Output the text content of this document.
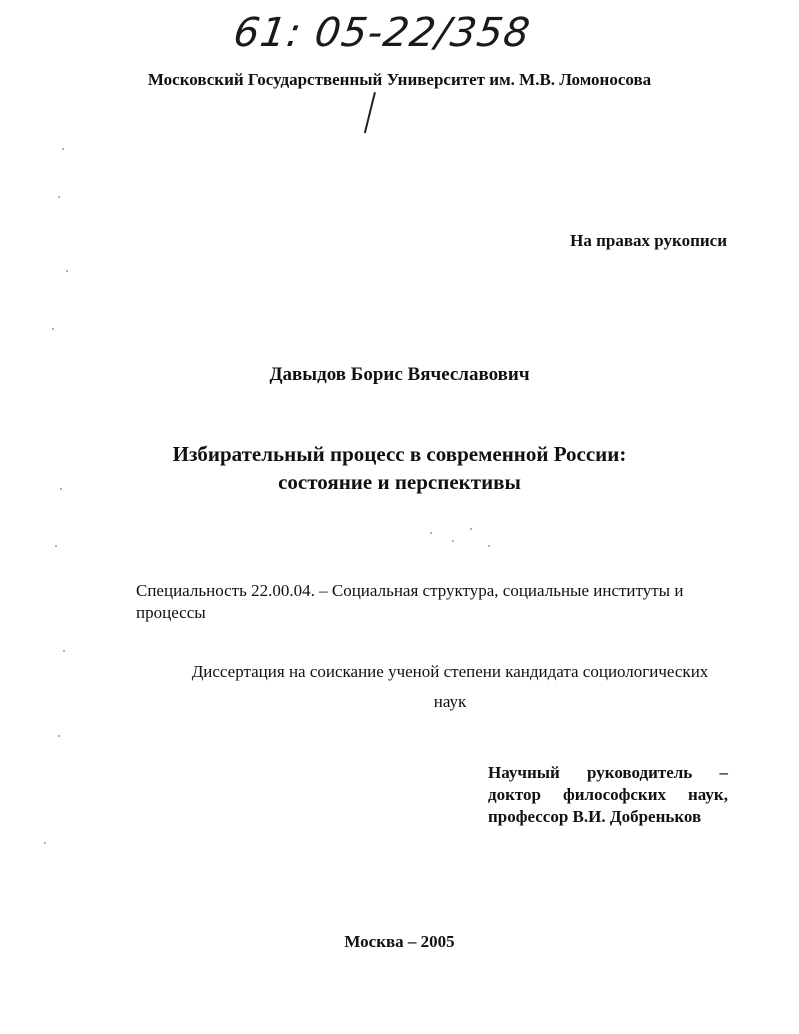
61: 05-22/358
Московский Государственный Университет им. М.В. Ломоносова
На правах рукописи
Давыдов Борис Вячеславович
Избирательный процесс в современной России:
состояние и перспективы
Специальность 22.00.04. – Социальная структура, социальные институты и
процессы
Диссертация на соискание ученой степени кандидата социологических
наук
Научный руководитель –
доктор философских наук,
профессор В.И. Добреньков
Москва – 2005
